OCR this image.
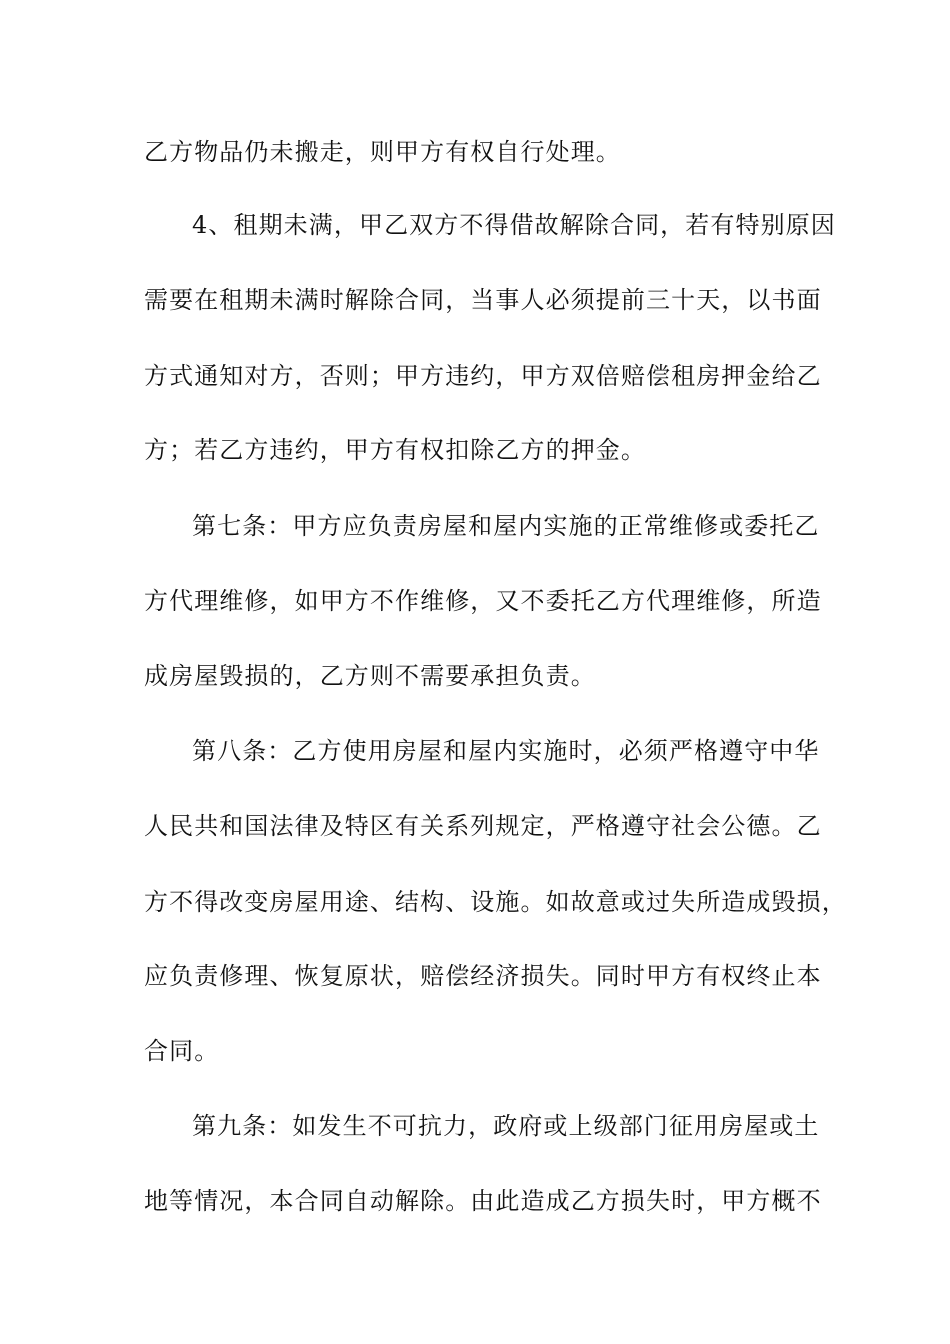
乙方物品仍未搬走，则甲方有权自行处理。
4、租期未满，甲乙双方不得借故解除合同，若有特别原因
需要在租期未满时解除合同，当事人必须提前三十天，以书面
方式通知对方，否则；甲方违约，甲方双倍赔偿租房押金给乙
方；若乙方违约，甲方有权扣除乙方的押金。
第七条：甲方应负责房屋和屋内实施的正常维修或委托乙
方代理维修，如甲方不作维修，又不委托乙方代理维修，所造
成房屋毁损的，乙方则不需要承担负责。
第八条：乙方使用房屋和屋内实施时，必须严格遵守中华
人民共和国法律及特区有关系列规定，严格遵守社会公德。乙
方不得改变房屋用途、结构、设施。如故意或过失所造成毁损，
应负责修理、恢复原状，赔偿经济损失。同时甲方有权终止本
合同。
第九条：如发生不可抗力，政府或上级部门征用房屋或土
地等情况，本合同自动解除。由此造成乙方损失时，甲方概不
